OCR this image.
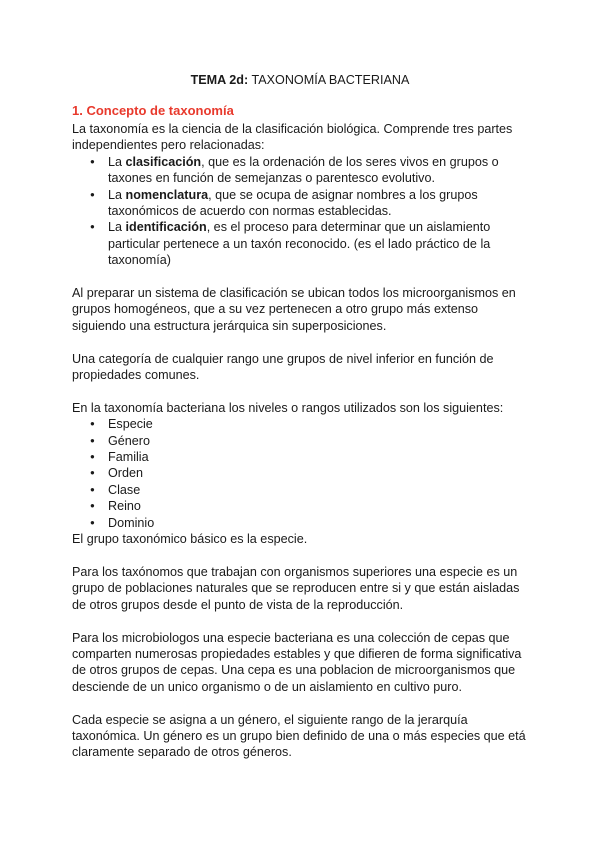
TEMA 2d: TAXONOMÍA BACTERIANA
1. Concepto de taxonomía

La taxonomía es la ciencia de la clasificación biológica. Comprende tres partes independientes pero relacionadas:

● La clasificación, que es la ordenación de los seres vivos en grupos o taxones en función de semejanzas o parentesco evolutivo.
● La nomenclatura, que se ocupa de asignar nombres a los grupos taxonómicos de acuerdo con normas establecidas.
● La identificación, es el proceso para determinar que un aislamiento particular pertenece a un taxón reconocido. (es el lado práctico de la taxonomía)

Al preparar un sistema de clasificación se ubican todos los microorganismos en grupos homogéneos, que a su vez pertenecen a otro grupo más extenso siguiendo una estructura jerárquica sin superposiciones.

Una categoría de cualquier rango une grupos de nivel inferior en función de propiedades comunes.

En la taxonomía bacteriana los niveles o rangos utilizados son los siguientes:

● Especie
● Género
● Familia
● Orden
● Clase
● Reino
● Dominio

El grupo taxonómico básico es la especie.

Para los taxónomos que trabajan con organismos superiores una especie es un grupo de poblaciones naturales que se reproducen entre si y que están aisladas de otros grupos desde el punto de vista de la reproducción.

Para los microbiologos una especie bacteriana es una colección de cepas que comparten numerosas propiedades estables y que difieren de forma significativa de otros grupos de cepas. Una cepa es una poblacion de microorganismos que desciende de un unico organismo o de un aislamiento en cultivo puro.

Cada especie se asigna a un género, el siguiente rango de la jerarquía taxonómica. Un género es un grupo bien definido de una o más especies que etá claramente separado de otros géneros.
